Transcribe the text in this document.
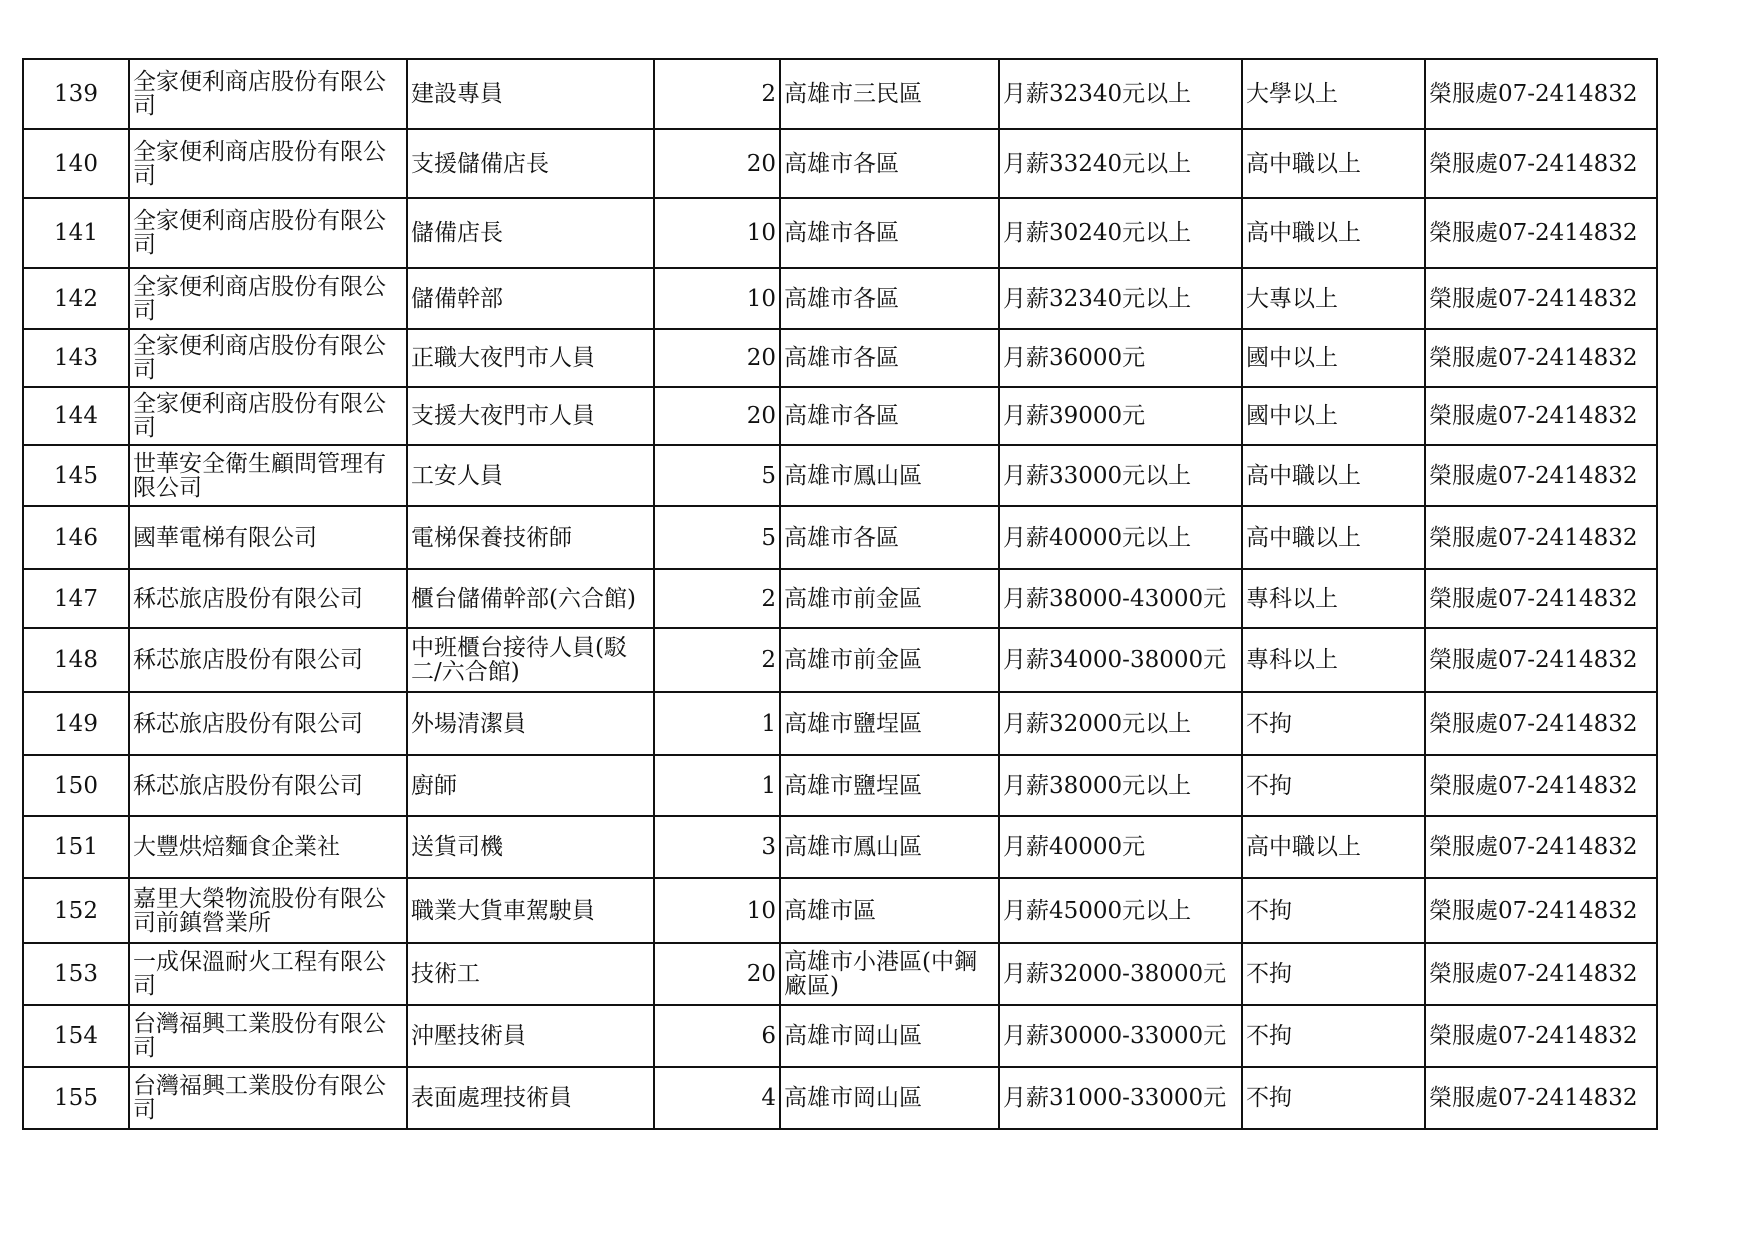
139	全家便利商店股份有限公司	建設專員	2	高雄市三民區	月薪32340元以上	大學以上	榮服處07-2414832
140	全家便利商店股份有限公司	支援儲備店長	20	高雄市各區	月薪33240元以上	高中職以上	榮服處07-2414832
141	全家便利商店股份有限公司	儲備店長	10	高雄市各區	月薪30240元以上	高中職以上	榮服處07-2414832
142	全家便利商店股份有限公司	儲備幹部	10	高雄市各區	月薪32340元以上	大專以上	榮服處07-2414832
143	全家便利商店股份有限公司	正職大夜門市人員	20	高雄市各區	月薪36000元	國中以上	榮服處07-2414832
144	全家便利商店股份有限公司	支援大夜門市人員	20	高雄市各區	月薪39000元	國中以上	榮服處07-2414832
145	世華安全衛生顧問管理有限公司	工安人員	5	高雄市鳳山區	月薪33000元以上	高中職以上	榮服處07-2414832
146	國華電梯有限公司	電梯保養技術師	5	高雄市各區	月薪40000元以上	高中職以上	榮服處07-2414832
147	秝芯旅店股份有限公司	櫃台儲備幹部(六合館)	2	高雄市前金區	月薪38000-43000元	專科以上	榮服處07-2414832
148	秝芯旅店股份有限公司	中班櫃台接待人員(駁二/六合館)	2	高雄市前金區	月薪34000-38000元	專科以上	榮服處07-2414832
149	秝芯旅店股份有限公司	外場清潔員	1	高雄市鹽埕區	月薪32000元以上	不拘	榮服處07-2414832
150	秝芯旅店股份有限公司	廚師	1	高雄市鹽埕區	月薪38000元以上	不拘	榮服處07-2414832
151	大豐烘焙麵食企業社	送貨司機	3	高雄市鳳山區	月薪40000元	高中職以上	榮服處07-2414832
152	嘉里大榮物流股份有限公司前鎮營業所	職業大貨車駕駛員	10	高雄市區	月薪45000元以上	不拘	榮服處07-2414832
153	一成保溫耐火工程有限公司	技術工	20	高雄市小港區(中鋼廠區)	月薪32000-38000元	不拘	榮服處07-2414832
154	台灣福興工業股份有限公司	沖壓技術員	6	高雄市岡山區	月薪30000-33000元	不拘	榮服處07-2414832
155	台灣福興工業股份有限公司	表面處理技術員	4	高雄市岡山區	月薪31000-33000元	不拘	榮服處07-2414832
